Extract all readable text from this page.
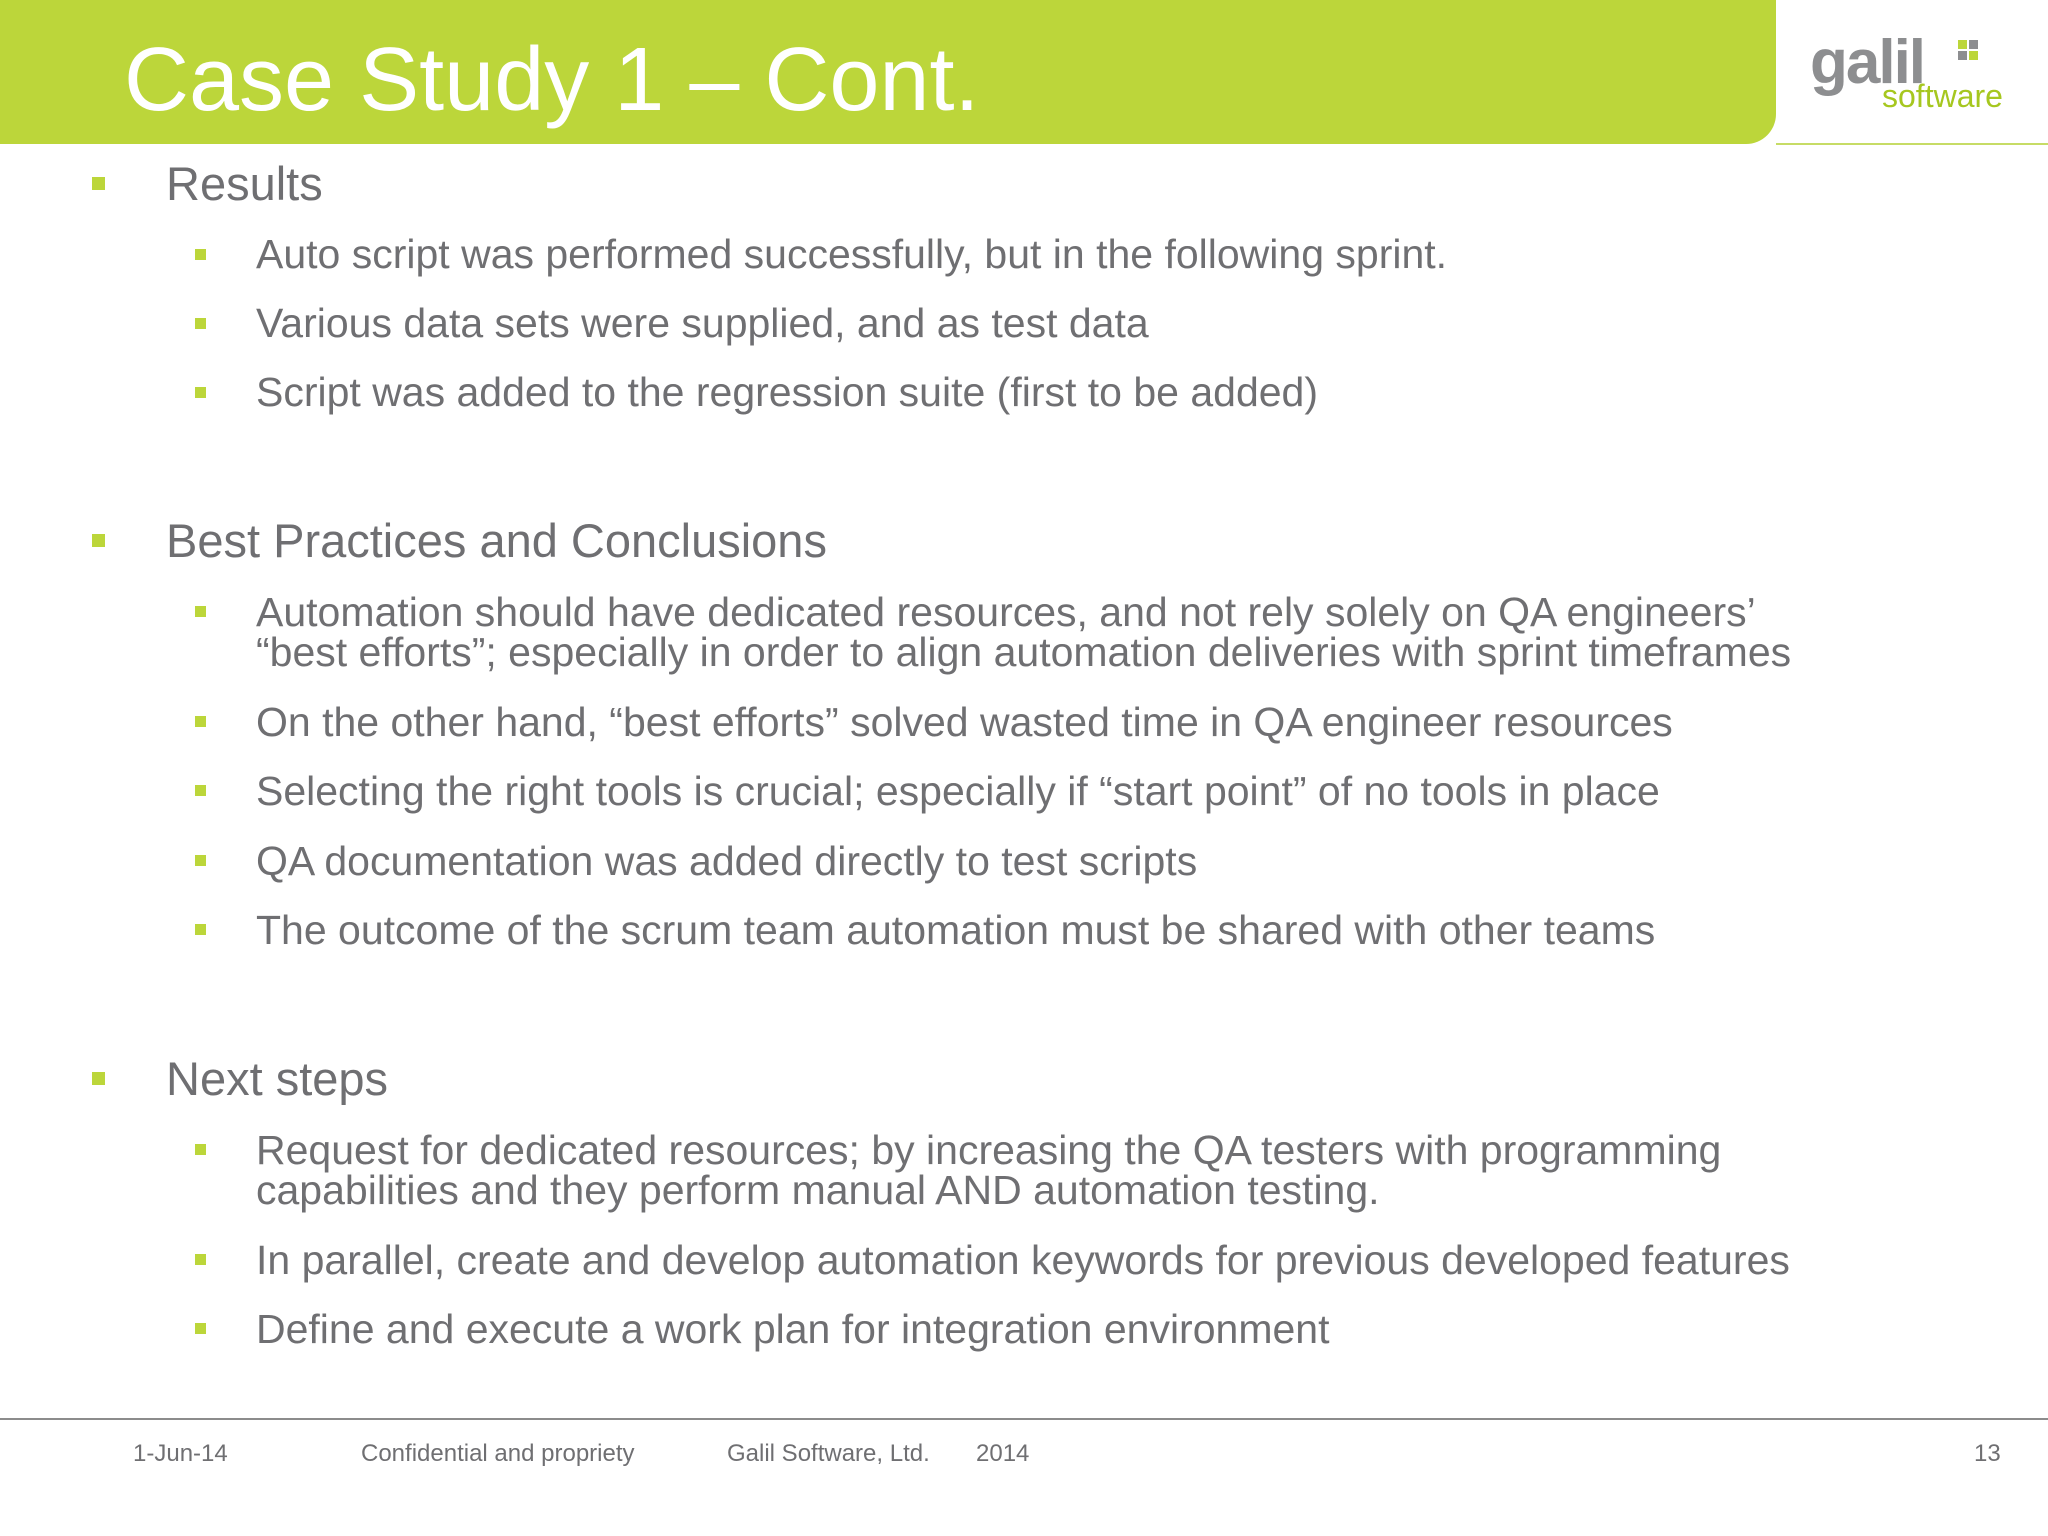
Case Study 1 – Cont.	galil
software
Results
Auto script was performed successfully, but in the following sprint.
Various data sets were supplied, and as test data
Script was added to the regression suite (first to be added)
Best Practices and Conclusions
Automation should have dedicated resources, and not rely solely on QA engineers’
“best efforts”; especially in order to align automation deliveries with sprint timeframes
On the other hand, “best efforts” solved wasted time in QA engineer resources
Selecting the right tools is crucial; especially if “start point” of no tools in place
QA documentation was added directly to test scripts
The outcome of the scrum team automation must be shared with other teams
Next steps
Request for dedicated resources; by increasing the QA testers with programming
capabilities and they perform manual AND automation testing.
In parallel, create and develop automation keywords for previous developed features
Define and execute a work plan for integration environment
1-Jun-14	Confidential and propriety	Galil Software, Ltd. 2014	13
